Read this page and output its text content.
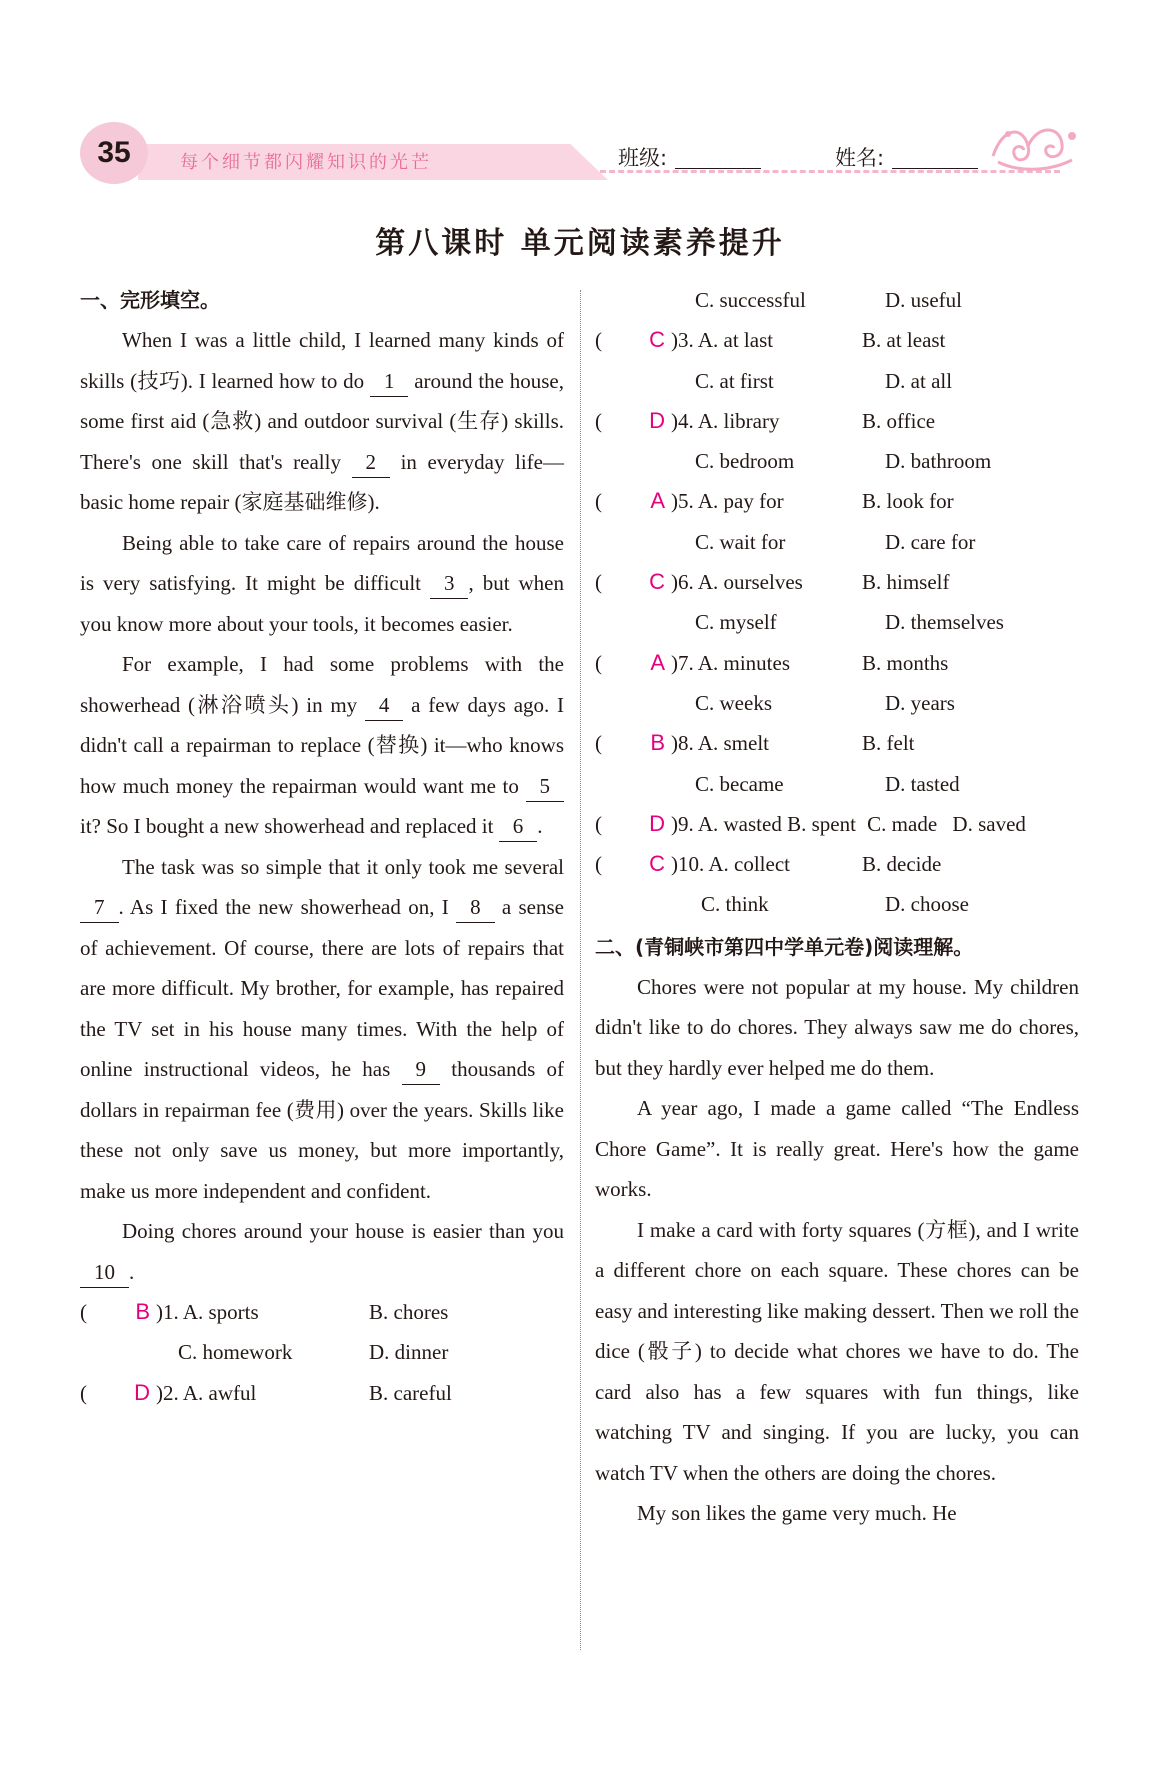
35	每个细节都闪耀知识的光芒	班级:	姓名:
第八课时 单元阅读素养提升
一、完形填空。

When I was a little child, I learned many kinds of skills (技巧). I learned how to do 1 around the house, some first aid (急救) and outdoor survival (生存) skills. There's one skill that's really 2 in everyday life—basic home repair (家庭基础维修).

Being able to take care of repairs around the house is very satisfying. It might be difficult 3 , but when you know more about your tools, it becomes easier.

For example, I had some problems with the showerhead (淋浴喷头) in my 4 a few days ago. I didn't call a repairman to replace (替换) it—who knows how much money the repairman would want me to 5 it? So I bought a new showerhead and replaced it 6 .

The task was so simple that it only took me several 7 . As I fixed the new showerhead on, I 8 a sense of achievement. Of course, there are lots of repairs that are more difficult. My brother, for example, has repaired the TV set in his house many times. With the help of online instructional videos, he has 9 thousands of dollars in repairman fee (费用) over the years. Skills like these not only save us money, but more importantly, make us more independent and confident.

Doing chores around your house is easier than you 10 .

( B )1. A. sports	B. chores
C. homework	D. dinner
( D )2. A. awful	B. careful
C. successful	D. useful
( C )3. A. at last	B. at least
C. at first	D. at all
( D )4. A. library	B. office
C. bedroom	D. bathroom
( A )5. A. pay for	B. look for
C. wait for	D. care for
( C )6. A. ourselves	B. himself
C. myself	D. themselves
( A )7. A. minutes	B. months
C. weeks	D. years
( B )8. A. smelt	B. felt
C. became	D. tasted
( D )9. A. wasted B. spent C. made D. saved
( C )10. A. collect	B. decide
C. think	D. choose
二、(青铜峡市第四中学单元卷)阅读理解。

Chores were not popular at my house. My children didn't like to do chores. They always saw me do chores, but they hardly ever helped me do them.

A year ago, I made a game called “The Endless Chore Game”. It is really great. Here's how the game works.

I make a card with forty squares (方框), and I write a different chore on each square. These chores can be easy and interesting like making dessert. Then we roll the dice (骰子) to decide what chores we have to do. The card also has a few squares with fun things, like watching TV and singing. If you are lucky, you can watch TV when the others are doing the chores.

My son likes the game very much. He
